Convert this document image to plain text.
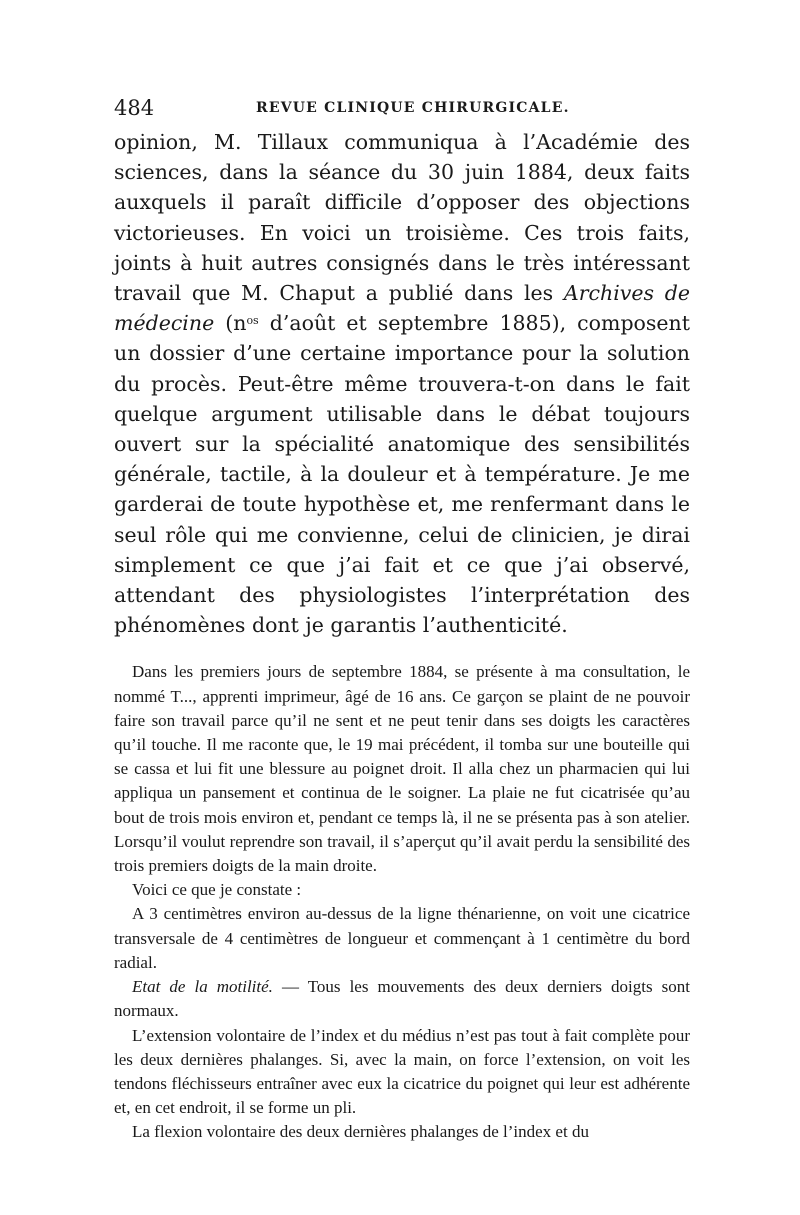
484	REVUE CLINIQUE CHIRURGICALE.

opinion, M. Tillaux communiqua à l’Académie des sciences, dans la séance du 30 juin 1884, deux faits auxquels il paraît difficile d’opposer des objections victorieuses. En voici un troisième. Ces trois faits, joints à huit autres consignés dans le très intéressant travail que M. Chaput a publié dans les Archives de médecine ($n^{os}$ d’août et septembre 1885), composent un dossier d’une certaine importance pour la solution du procès. Peut-être même trouvera-t-on dans le fait quelque argument utilisable dans le débat toujours ouvert sur la spécialité anatomique des sensibilités générale, tactile, à la douleur et à température. Je me garderai de toute hypothèse et, me renfermant dans le seul rôle qui me convienne, celui de clinicien, je dirai simplement ce que j’ai fait et ce que j’ai observé, attendant des physiologistes l’interprétation des phénomènes dont je garantis l’authenticité.

Dans les premiers jours de septembre 1884, se présente à ma consultation, le nommé T..., apprenti imprimeur, âgé de 16 ans. Ce garçon se plaint de ne pouvoir faire son travail parce qu’il ne sent et ne peut tenir dans ses doigts les caractères qu’il touche. Il me raconte que, le 19 mai précédent, il tomba sur une bouteille qui se cassa et lui fit une blessure au poignet droit. Il alla chez un pharmacien qui lui appliqua un pansement et continua de le soigner. La plaie ne fut cicatrisée qu’au bout de trois mois environ et, pendant ce temps là, il ne se présenta pas à son atelier. Lorsqu’il voulut reprendre son travail, il s’aperçut qu’il avait perdu la sensibilité des trois premiers doigts de la main droite.

Voici ce que je constate :

A 3 centimètres environ au-dessus de la ligne thénarienne, on voit une cicatrice transversale de 4 centimètres de longueur et commençant à 1 centimètre du bord radial.

Etat de la motilité. — Tous les mouvements des deux derniers doigts sont normaux.

L’extension volontaire de l’index et du médius n’est pas tout à fait complète pour les deux dernières phalanges. Si, avec la main, on force l’extension, on voit les tendons fléchisseurs entraîner avec eux la cicatrice du poignet qui leur est adhérente et, en cet endroit, il se forme un pli.

La flexion volontaire des deux dernières phalanges de l’index et du
